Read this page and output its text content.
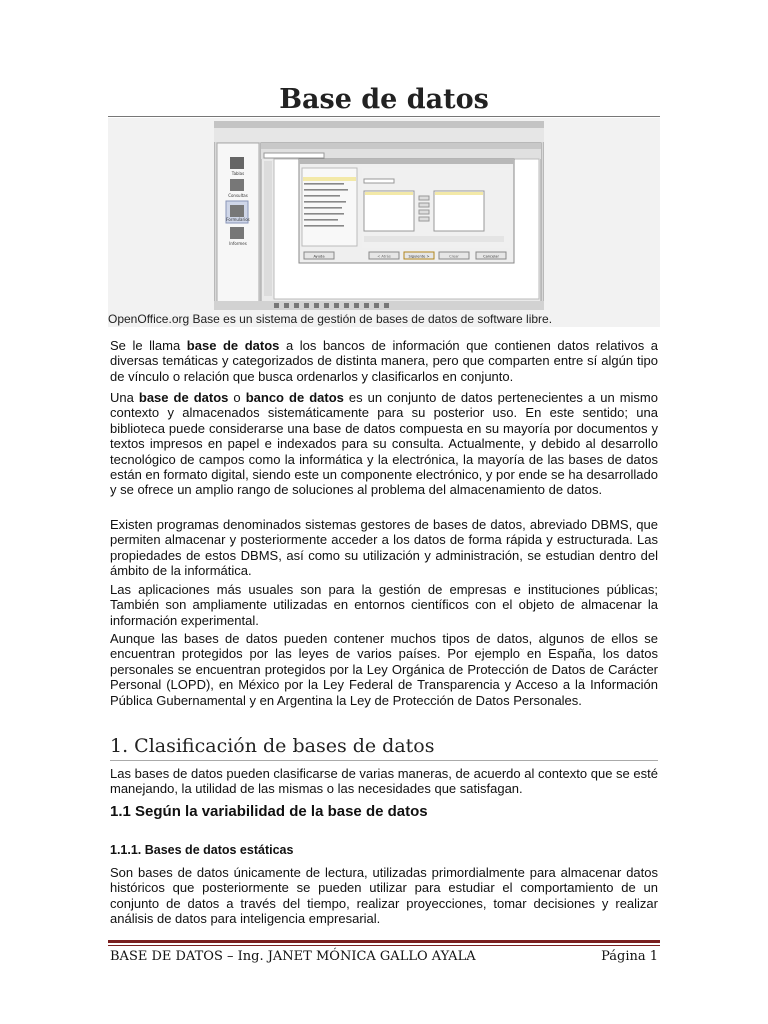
Base de datos
Tablas
Consultas
Formularios
Informes
Ayuda	< Atrás	Siguiente >	Crear	Cancelar

OpenOffice.org Base es un sistema de gestión de bases de datos de software libre.

Se le llama base de datos a los bancos de información que contienen datos relativos a diversas temáticas y categorizados de distinta manera, pero que comparten entre sí algún tipo de vínculo o relación que busca ordenarlos y clasificarlos en conjunto.

Una base de datos o banco de datos es un conjunto de datos pertenecientes a un mismo contexto y almacenados sistemáticamente para su posterior uso. En este sentido; una biblioteca puede considerarse una base de datos compuesta en su mayoría por documentos y textos impresos en papel e indexados para su consulta. Actualmente, y debido al desarrollo tecnológico de campos como la informática y la electrónica, la mayoría de las bases de datos están en formato digital, siendo este un componente electrónico, y por ende se ha desarrollado y se ofrece un amplio rango de soluciones al problema del almacenamiento de datos.

Existen programas denominados sistemas gestores de bases de datos, abreviado DBMS, que permiten almacenar y posteriormente acceder a los datos de forma rápida y estructurada. Las propiedades de estos DBMS, así como su utilización y administración, se estudian dentro del ámbito de la informática.

Las aplicaciones más usuales son para la gestión de empresas e instituciones públicas; También son ampliamente utilizadas en entornos científicos con el objeto de almacenar la información experimental.

Aunque las bases de datos pueden contener muchos tipos de datos, algunos de ellos se encuentran protegidos por las leyes de varios países. Por ejemplo en España, los datos personales se encuentran protegidos por la Ley Orgánica de Protección de Datos de Carácter Personal (LOPD), en México por la Ley Federal de Transparencia y Acceso a la Información Pública Gubernamental y en Argentina la Ley de Protección de Datos Personales.

1. Clasificación de bases de datos

Las bases de datos pueden clasificarse de varias maneras, de acuerdo al contexto que se esté manejando, la utilidad de las mismas o las necesidades que satisfagan.

1.1 Según la variabilidad de la base de datos
1.1.1. Bases de datos estáticas

Son bases de datos únicamente de lectura, utilizadas primordialmente para almacenar datos históricos que posteriormente se pueden utilizar para estudiar el comportamiento de un conjunto de datos a través del tiempo, realizar proyecciones, tomar decisiones y realizar análisis de datos para inteligencia empresarial.

BASE DE DATOS – Ing. JANET MÓNICA GALLO AYALA	Página 1
